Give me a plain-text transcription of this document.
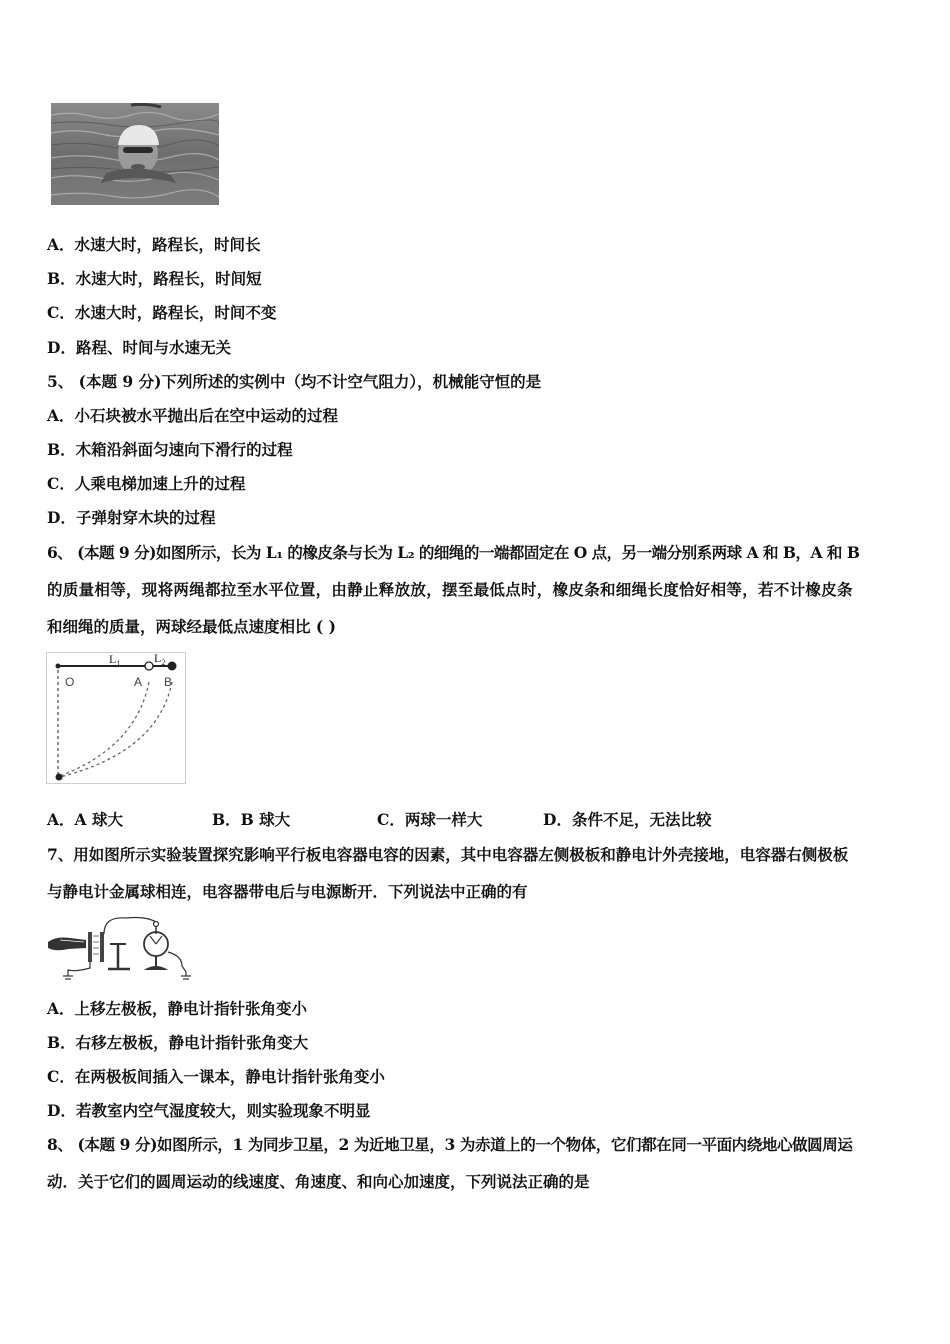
A．水速大时，路程长，时间长
B．水速大时，路程长，时间短
C．水速大时，路程长，时间不变
D．路程、时间与水速无关
5、 (本题 9 分)下列所述的实例中（均不计空气阻力），机械能守恒的是
A．小石块被水平抛出后在空中运动的过程
B．木箱沿斜面匀速向下滑行的过程
C．人乘电梯加速上升的过程
D．子弹射穿木块的过程
6、 (本题 9 分)如图所示，长为 L₁ 的橡皮条与长为 L₂ 的细绳的一端都固定在 O 点，另一端分别系两球 A 和 B，A 和 B
的质量相等，现将两绳都拉至水平位置，由静止释放放，摆至最低点时，橡皮条和细绳长度恰好相等，若不计橡皮条
和细绳的质量，两球经最低点速度相比 ( )
$L_1$	$L_2$
O	A B
A．A 球大	B．B 球大	C．两球一样大	D．条件不足，无法比较
7、用如图所示实验装置探究影响平行板电容器电容的因素，其中电容器左侧极板和静电计外壳接地，电容器右侧极板
与静电计金属球相连，电容器带电后与电源断开．下列说法中正确的有
A．上移左极板，静电计指针张角变小
B．右移左极板，静电计指针张角变大
C．在两极板间插入一课本，静电计指针张角变小
D．若教室内空气湿度较大，则实验现象不明显
8、 (本题 9 分)如图所示，1 为同步卫星，2 为近地卫星，3 为赤道上的一个物体，它们都在同一平面内绕地心做圆周运
动．关于它们的圆周运动的线速度、角速度、和向心加速度，下列说法正确的是
